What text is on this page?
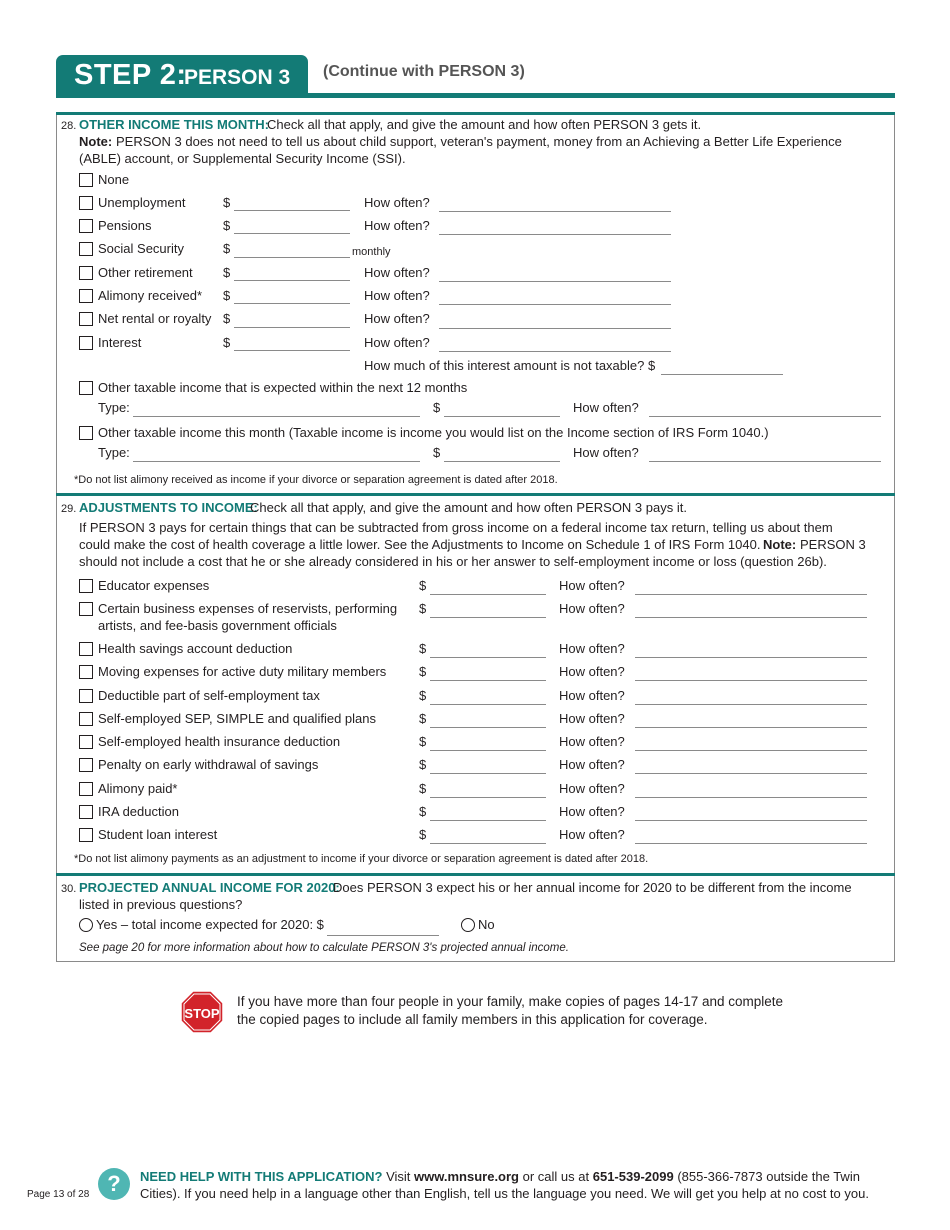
STEP 2:
PERSON 3 (Continue with PERSON 3)
28. OTHER INCOME THIS MONTH:
Check all that apply, and give the amount and how often PERSON 3 gets it.
Note: PERSON 3 does not need to tell us about child support, veteran's payment, money from an Achieving a Better Life Experience
(ABLE) account, or Supplemental Security Income (SSI).
None
Unemployment	$	How often?
Pensions	$	How often?
Social Security	$	monthly
Other retirement $	How often?
Alimony received* $	How often?
Net rental or royalty $	How often?
Interest	$	How often?
How much of this interest amount is not taxable? $
Other taxable income that is expected within the next 12 months
Type:	$	How often?
Other taxable income this month (Taxable income is income you would list on the Income section of IRS Form 1040.)
Type:	$	How often?
*Do not list alimony received as income if your divorce or separation agreement is dated after 2018.
29. ADJUSTMENTS TO INCOME:
Check all that apply, and give the amount and how often PERSON 3 pays it.
If PERSON 3 pays for certain things that can be subtracted from gross income on a federal income tax return, telling us about them
could make the cost of health coverage a little lower. See the Adjustments to Income on Schedule 1 of IRS Form 1040. Note: PERSON 3
should not include a cost that he or she already considered in his or her answer to self-employment income or loss (question 26b).
Educator expenses	$	How often?
Certain business expenses of reservists, performing
artists, and fee-basis government officials
$	How often?
Health savings account deduction	$	How often?
Moving expenses for active duty military members	$	How often?
Deductible part of self-employment tax	$	How often?
Self-employed SEP, SIMPLE and qualified plans	$	How often?
Self-employed health insurance deduction	$	How often?
Penalty on early withdrawal of savings	$	How often?
Alimony paid*	$	How often?
IRA deduction	$	How often?
Student loan interest	$	How often?
*Do not list alimony payments as an adjustment to income if your divorce or separation agreement is dated after 2018.
30. PROJECTED ANNUAL INCOME FOR 2020:
Does PERSON 3 expect his or her annual income for 2020 to be different from the income
listed in previous questions?
Yes – total income expected for 2020: $	No
See page 20 for more information about how to calculate PERSON 3's projected annual income.
STOP
If you have more than four people in your family, make copies of pages 14-17 and complete
the copied pages to include all family members in this application for coverage.
Page 13 of 28 ?	NEED HELP WITH THIS APPLICATION? Visit www.mnsure.org or call us at 651-539-2099 (855-366-7873 outside the Twin
Cities). If you need help in a language other than English, tell us the language you need. We will get you help at no cost to you.
